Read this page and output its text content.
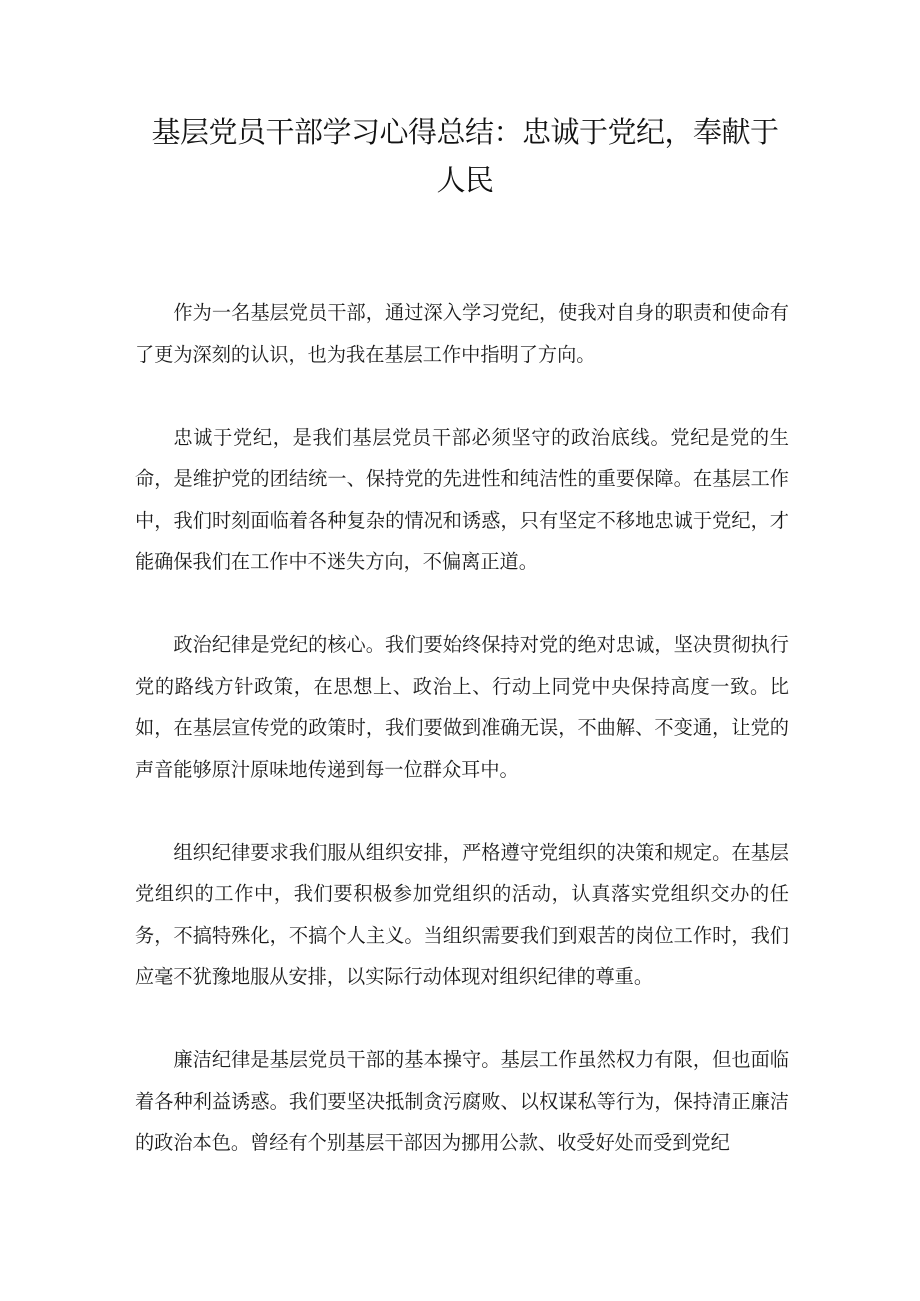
基层党员干部学习心得总结：忠诚于党纪，奉献于人民

作为一名基层党员干部，通过深入学习党纪，使我对自身的职责和使命有了更为深刻的认识，也为我在基层工作中指明了方向。

忠诚于党纪，是我们基层党员干部必须坚守的政治底线。党纪是党的生命，是维护党的团结统一、保持党的先进性和纯洁性的重要保障。在基层工作中，我们时刻面临着各种复杂的情况和诱惑，只有坚定不移地忠诚于党纪，才能确保我们在工作中不迷失方向，不偏离正道。

政治纪律是党纪的核心。我们要始终保持对党的绝对忠诚，坚决贯彻执行党的路线方针政策，在思想上、政治上、行动上同党中央保持高度一致。比如，在基层宣传党的政策时，我们要做到准确无误，不曲解、不变通，让党的声音能够原汁原味地传递到每一位群众耳中。

组织纪律要求我们服从组织安排，严格遵守党组织的决策和规定。在基层党组织的工作中，我们要积极参加党组织的活动，认真落实党组织交办的任务，不搞特殊化，不搞个人主义。当组织需要我们到艰苦的岗位工作时，我们应毫不犹豫地服从安排，以实际行动体现对组织纪律的尊重。

廉洁纪律是基层党员干部的基本操守。基层工作虽然权力有限，但也面临着各种利益诱惑。我们要坚决抵制贪污腐败、以权谋私等行为，保持清正廉洁的政治本色。曾经有个别基层干部因为挪用公款、收受好处而受到党纪
